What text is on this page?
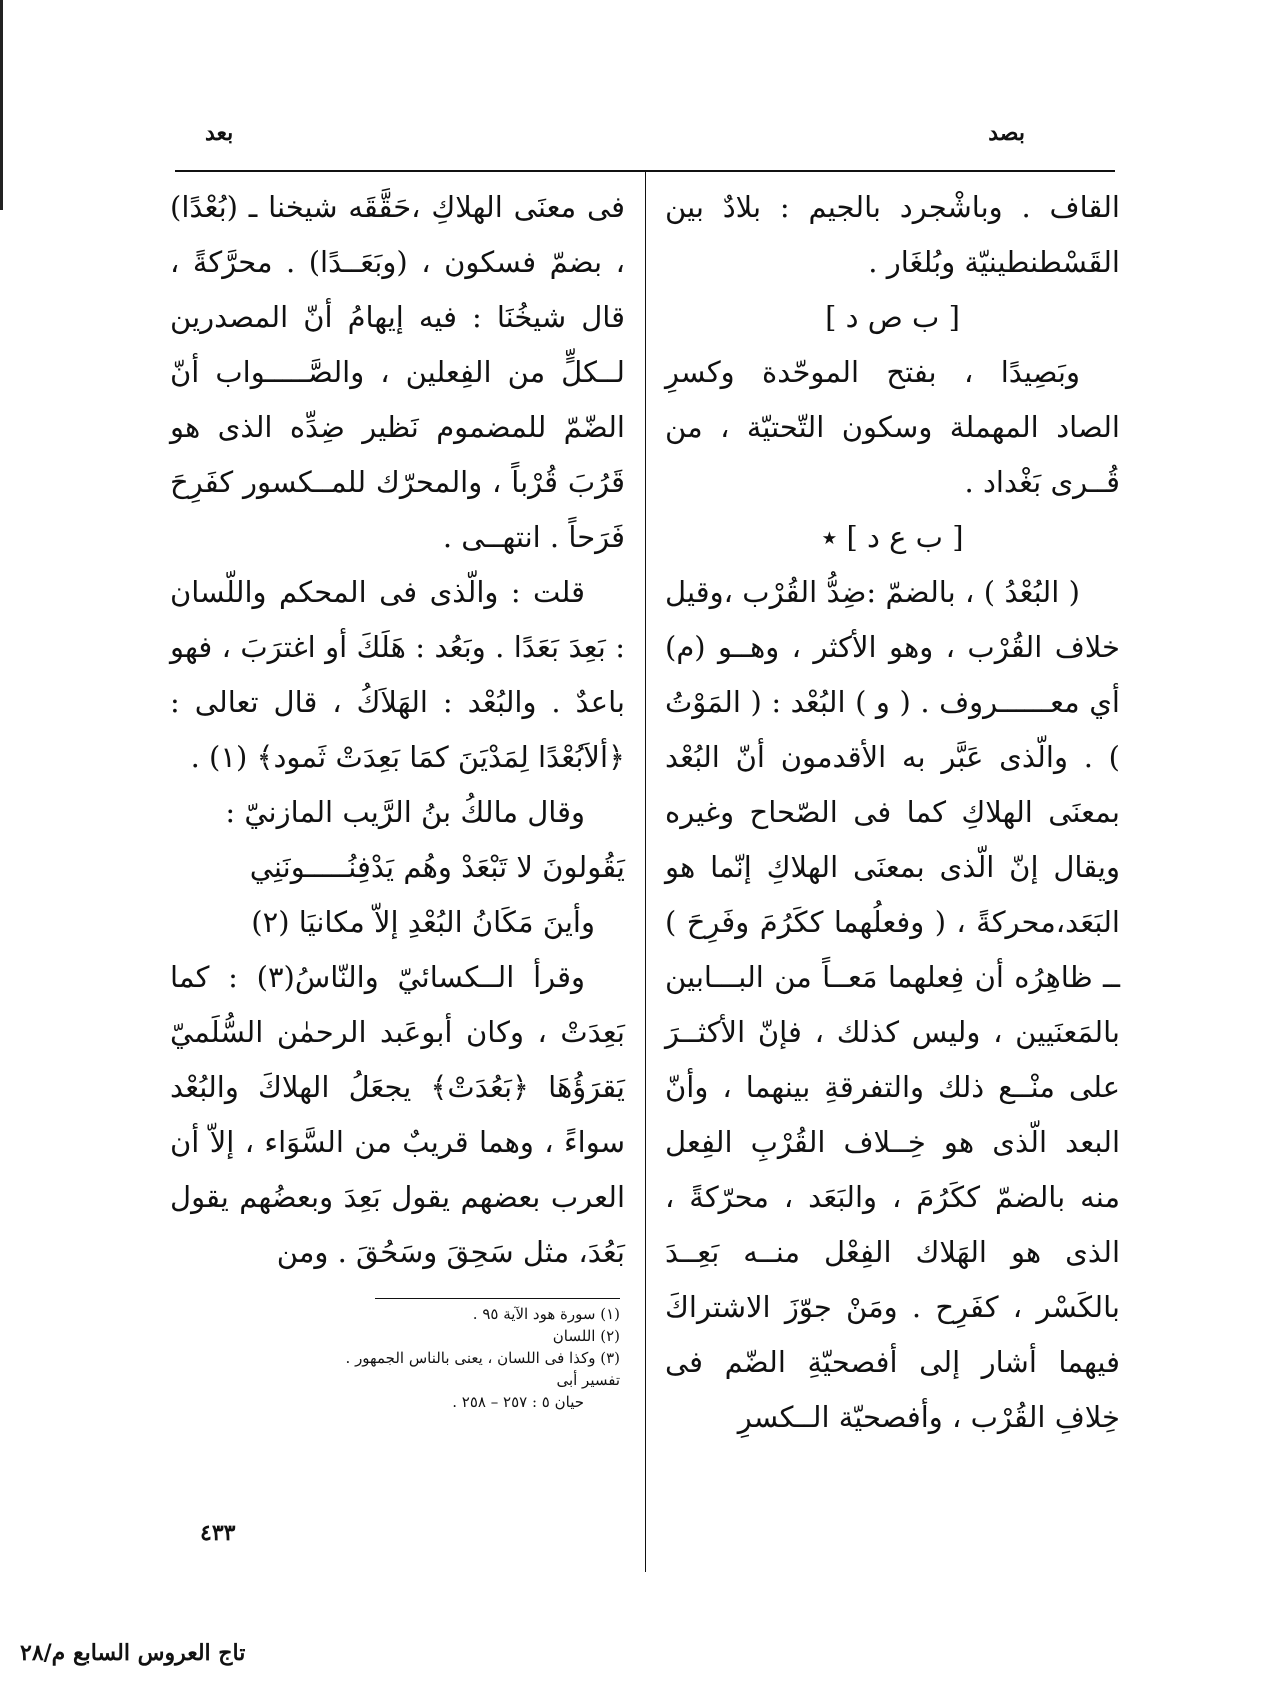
بصد
بعد

القاف . وباشْجرد بالجيم : بلادٌ بين القَسْطنطينيّة وبُلغَار .

[ ب ص د ]

وبَصِيدًا ، بفتح الموحّدة وكسرِ الصاد المهملة وسكون التّحتيّة ، من قُــرى بَغْداد .

[ ب ع د ] ٭

( البُعْدُ ) ، بالضمّ :ضِدُّ القُرْب ،وقيل خلاف القُرْب ، وهو الأكثر ، وهــو (م) أي معــــــروف . ( و ) البُعْد : ( المَوْتُ ) . والّذى عَبَّر به الأقدمون أنّ البُعْد بمعنَى الهلاكِ كما فى الصّحاح وغيره ويقال إنّ الّذى بمعنَى الهلاكِ إنّما هو البَعَد،محركةً ، ( وفعلُهما ككَرُمَ وفَرِحَ ) ــ ظاهِرُه أن فِعلهما مَعــاً من البـــابين بالمَعنَيين ، وليس كذلك ، فإنّ الأكثــرَ على منْــع ذلك والتفرقةِ بينهما ، وأنّ البعد الّذى هو خِــلاف القُرْبِ الفِعل منه بالضمّ ككَرُمَ ، والبَعَد ، محرّكةً ، الذى هو الهَلاك الفِعْل منــه بَعِــدَ بالكَسْر ، كفَرِح . ومَنْ جوّزَ الاشتراكَ فيهما أشار إلى أفصحيّةِ الضّم فى خِلافِ القُرْب ، وأفصحيّة الــكسرِ

فى معنَى الهلاكِ ،حَقَّقَه شيخنا ـ (بُعْدًا) ، بضمّ فسكون ، (وبَعَــدًا) . محرَّكةً ، قال شيخُنَا : فيه إيهامُ أنّ المصدرين لــكلٍّ من الفِعلين ، والصَّـــــواب أنّ الضّمّ للمضموم نَظير ضِدِّه الذى هو قَرُبَ قُرْباً ، والمحرّك للمــكسور كفَرِحَ فَرَحاً . انتهــى .

قلت : والّذى فى المحكم واللّسان : بَعِدَ بَعَدًا . وبَعُد : هَلَكَ أو اغترَبَ ، فهو باعدٌ . والبُعْد : الهَلاَكُ ، قال تعالى : ﴿ألاَبُعْدًا لِمَدْيَنَ كمَا بَعِدَتْ ثَمود﴾ (١) .

وقال مالكُ بنُ الرَّيب المازنيّ :

يَقُولونَ لا تَبْعَدْ وهُم يَدْفِنُـــــونَنِي

وأينَ مَكَانُ البُعْدِ إلاّ مكانيَا (٢)

وقرأ الــكسائيّ والنّاسُ(٣) : كما بَعِدَتْ ، وكان أبوعَبد الرحمٰن السُّلَميّ يَقرَؤُهَا ﴿بَعُدَتْ﴾ يجعَلُ الهلاكَ والبُعْد سواءً ، وهما قريبٌ من السَّوَاء ، إلاّ أن العرب بعضهم يقول بَعِدَ وبعضُهم يقول بَعُدَ، مثل سَحِقَ وسَحُقَ . ومن

(١) سورة هود الآية ٩٥ .

(٢) اللسان

(٣) وكذا فى اللسان ، يعنى بالناس الجمهور . تفسير أبى

حيان ٥ : ٢٥٧ – ٢٥٨ .

٤٣٣
تاج العروس السابع م/٢٨
